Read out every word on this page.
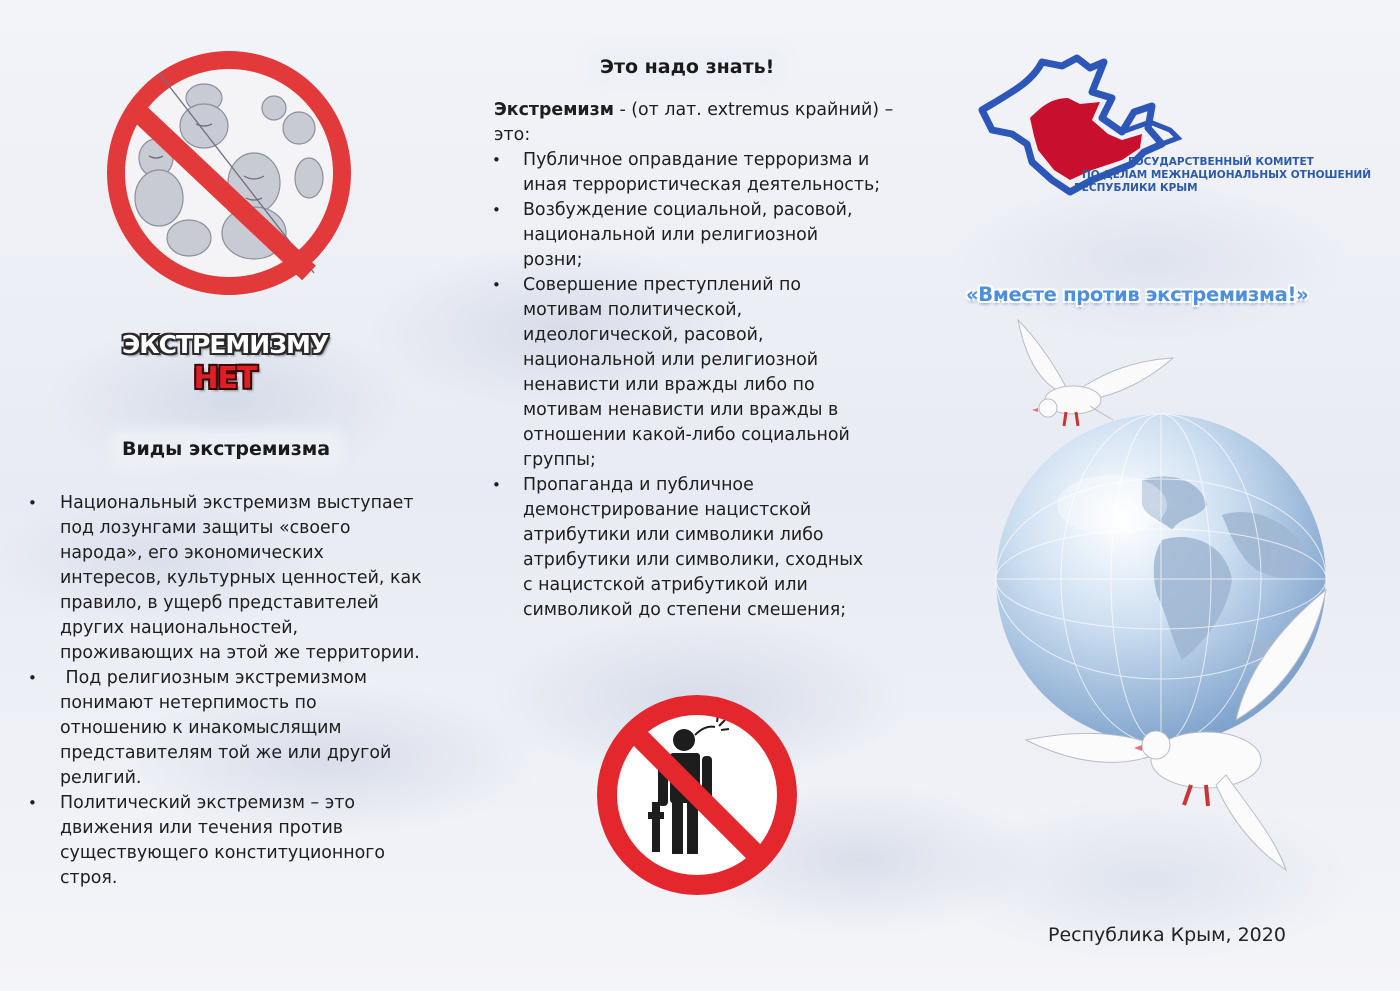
ЭКСТРЕМИЗМУ
НЕТ
Виды экстремизма
• Национальный экстремизм выступает под лозунгами защиты «своего народа», его экономических интересов, культурных ценностей, как правило, в ущерб представителей других национальностей, проживающих на этой же территории.
•  Под религиозным экстремизмом понимают нетерпимость по отношению к инакомыслящим представителям той же или другой религий.
• Политический экстремизм – это движения или течения против существующего конституционного строя.
Это надо знать!
Экстремизм - (от лат. extremus крайний) – это:
• Публичное оправдание терроризма и иная террористическая деятельность;
• Возбуждение социальной, расовой, национальной или религиозной розни;
• Совершение преступлений по мотивам политической, идеологической, расовой, национальной или религиозной ненависти или вражды либо по мотивам ненависти или вражды в отношении какой-либо социальной группы;
• Пропаганда и публичное демонстрирование нацистской атрибутики или символики либо атрибутики или символики, сходных с нацистской атрибутикой или символикой до степени смешения;
ГОСУДАРСТВЕННЫЙ КОМИТЕТ
ПО ДЕЛАМ МЕЖНАЦИОНАЛЬНЫХ ОТНОШЕНИЙ
РЕСПУБЛИКИ КРЫМ
«Вместе против экстремизма!»
Республика Крым, 2020
